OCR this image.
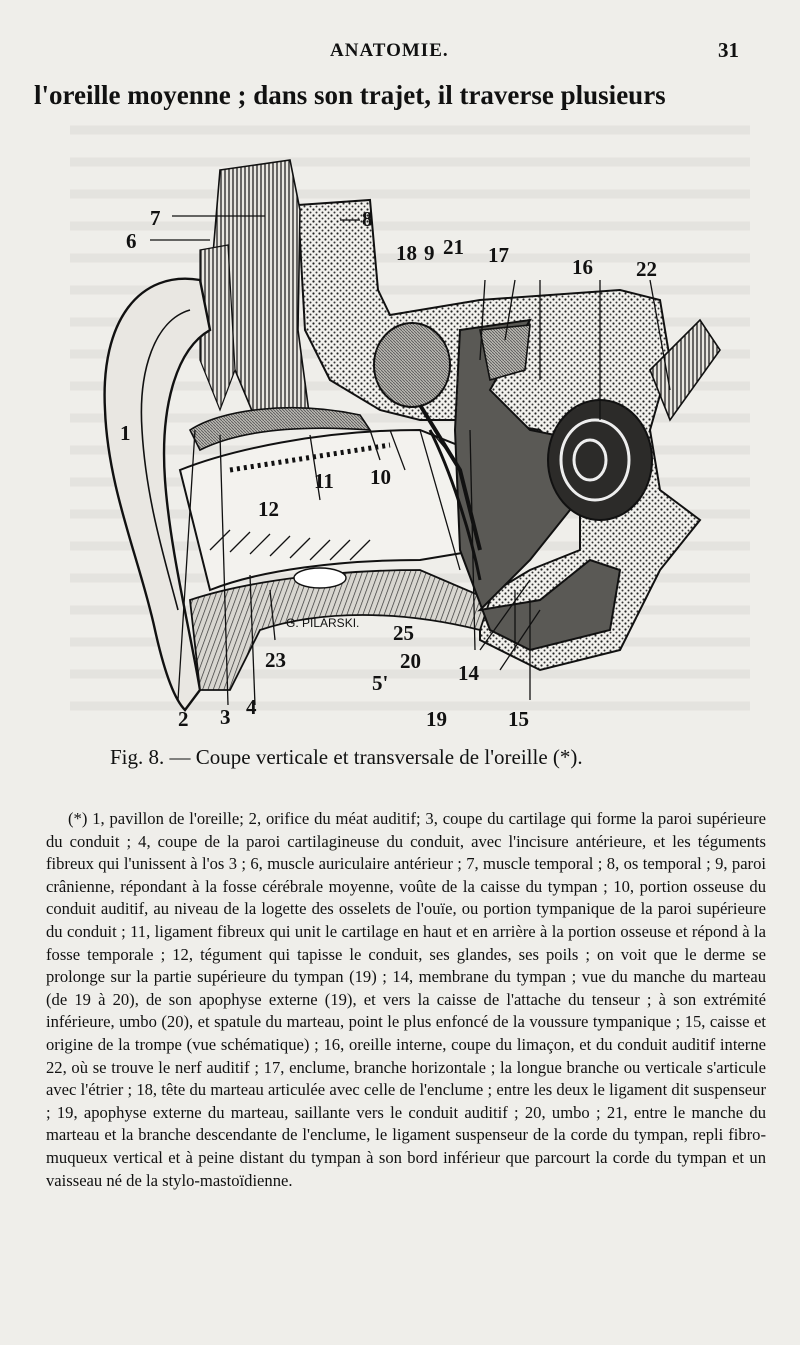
ANATOMIE.	31
l'oreille moyenne ; dans son trajet, il traverse plusieurs
7
6
8
18 9 21 17	16 22
1
11 10
12
G. PILARSKI. 25
23	20 14
5'
2 3 4	19	15
Fig. 8. — Coupe verticale et transversale de l'oreille (*).

(*) 1, pavillon de l'oreille; 2, orifice du méat auditif; 3, coupe du cartilage qui forme la paroi supérieure du conduit ; 4, coupe de la paroi cartilagineuse du conduit, avec l'incisure antérieure, et les téguments fibreux qui l'unissent à l'os 3 ; 6, muscle auriculaire antérieur ; 7, muscle temporal ; 8, os temporal ; 9, paroi crânienne, répondant à la fosse cérébrale moyenne, voûte de la caisse du tympan ; 10, portion osseuse du conduit auditif, au niveau de la logette des osselets de l'ouïe, ou portion tympanique de la paroi supérieure du conduit ; 11, ligament fibreux qui unit le cartilage en haut et en arrière à la portion osseuse et répond à la fosse temporale ; 12, tégument qui tapisse le conduit, ses glandes, ses poils ; on voit que le derme se prolonge sur la partie supérieure du tympan (19) ; 14, membrane du tympan ; vue du manche du marteau (de 19 à 20), de son apophyse externe (19), et vers la caisse de l'attache du tenseur ; à son extrémité inférieure, umbo (20), et spatule du marteau, point le plus enfoncé de la voussure tympanique ; 15, caisse et origine de la trompe (vue schématique) ; 16, oreille interne, coupe du limaçon, et du conduit auditif interne 22, où se trouve le nerf auditif ; 17, enclume, branche horizontale ; la longue branche ou verticale s'articule avec l'étrier ; 18, tête du marteau articulée avec celle de l'enclume ; entre les deux le ligament dit suspenseur ; 19, apophyse externe du marteau, saillante vers le conduit auditif ; 20, umbo ; 21, entre le manche du marteau et la branche descendante de l'enclume, le ligament suspenseur de la corde du tympan, repli fibro-muqueux vertical et à peine distant du tympan à son bord inférieur que parcourt la corde du tympan et un vaisseau né de la stylo-mastoïdienne.
